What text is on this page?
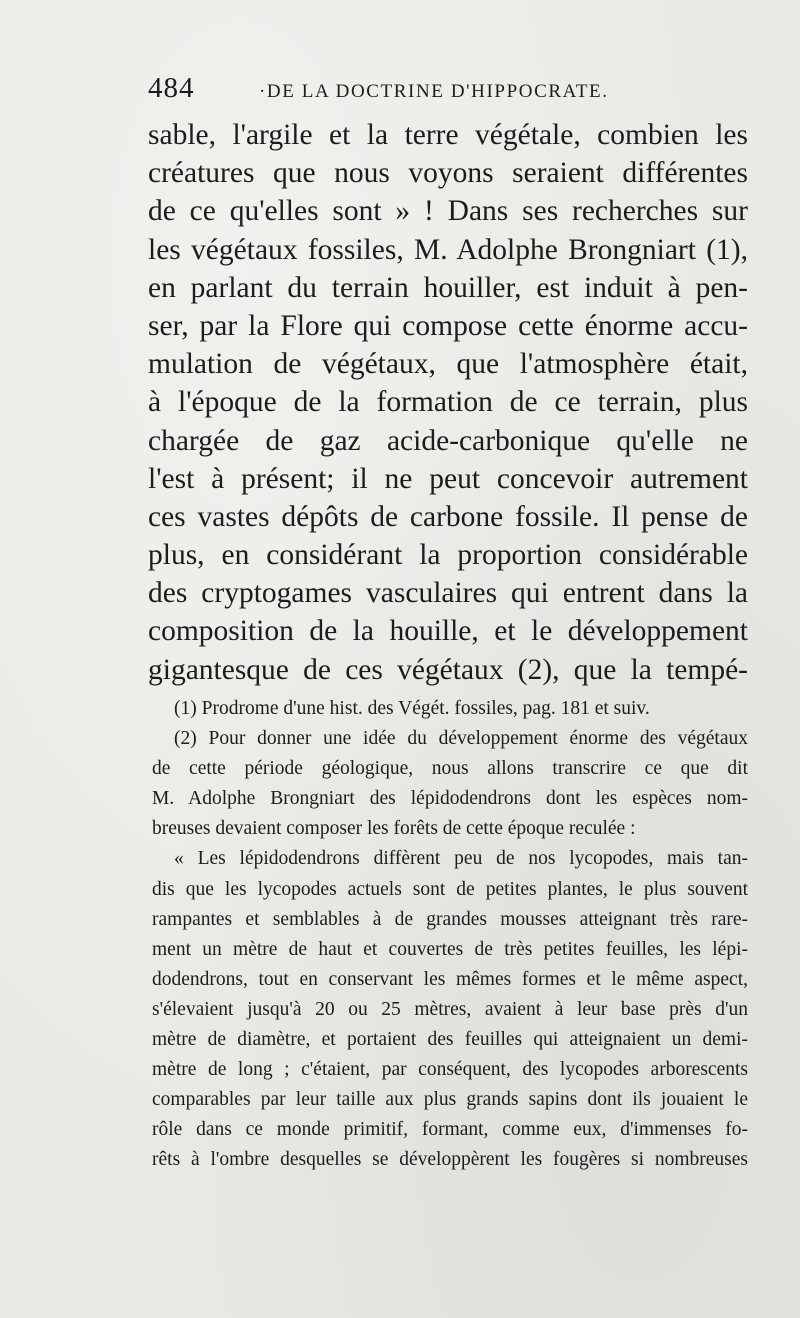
484	·DE LA DOCTRINE D'HIPPOCRATE.
sable, l'argile et la terre végétale, combien les
créatures que nous voyons seraient différentes
de ce qu'elles sont » ! Dans ses recherches sur
les végétaux fossiles, M. Adolphe Brongniart (1),
en parlant du terrain houiller, est induit à pen-
ser, par la Flore qui compose cette énorme accu-
mulation de végétaux, que l'atmosphère était,
à l'époque de la formation de ce terrain, plus
chargée de gaz acide-carbonique qu'elle ne
l'est à présent; il ne peut concevoir autrement
ces vastes dépôts de carbone fossile. Il pense de
plus, en considérant la proportion considérable
des cryptogames vasculaires qui entrent dans la
composition de la houille, et le développement
gigantesque de ces végétaux (2), que la tempé-
(1) Prodrome d'une hist. des Végét. fossiles, pag. 181 et suiv.
(2) Pour donner une idée du développement énorme des végétaux
de cette période géologique, nous allons transcrire ce que dit
M. Adolphe Brongniart des lépidodendrons dont les espèces nom-
breuses devaient composer les forêts de cette époque reculée :
« Les lépidodendrons diffèrent peu de nos lycopodes, mais tan-
dis que les lycopodes actuels sont de petites plantes, le plus souvent
rampantes et semblables à de grandes mousses atteignant très rare-
ment un mètre de haut et couvertes de très petites feuilles, les lépi-
dodendrons, tout en conservant les mêmes formes et le même aspect,
s'élevaient jusqu'à 20 ou 25 mètres, avaient à leur base près d'un
mètre de diamètre, et portaient des feuilles qui atteignaient un demi-
mètre de long ; c'étaient, par conséquent, des lycopodes arborescents
comparables par leur taille aux plus grands sapins dont ils jouaient le
rôle dans ce monde primitif, formant, comme eux, d'immenses fo-
rêts à l'ombre desquelles se développèrent les fougères si nombreuses
